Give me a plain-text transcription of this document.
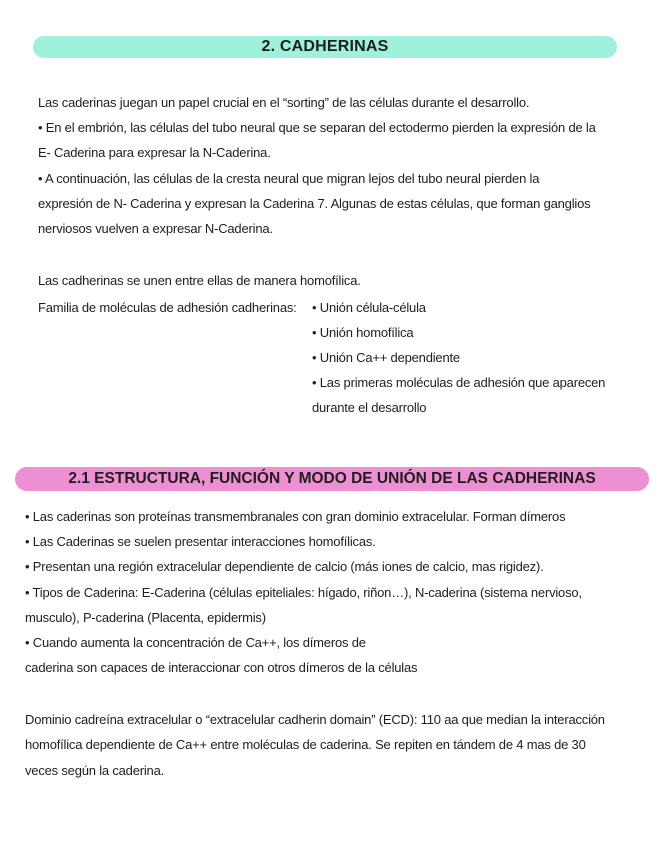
2. CADHERINAS
Las caderinas juegan un papel crucial en el “sorting” de las células durante el desarrollo.
• En el embrión, las células del tubo neural que se separan del ectodermo pierden la expresión de la
E- Caderina para expresar la N-Caderina.
• A continuación, las células de la cresta neural que migran lejos del tubo neural pierden la
expresión de N- Caderina y expresan la Caderina 7. Algunas de estas células, que forman ganglios
nerviosos vuelven a expresar N-Caderina.
Las cadherinas se unen entre ellas de manera homofílica.
Familia de moléculas de adhesión cadherinas: • Unión célula-célula
• Unión homofílica
• Unión Ca++ dependiente
• Las primeras moléculas de adhesión que aparecen
durante el desarrollo
2.1 ESTRUCTURA, FUNCIÓN Y MODO DE UNIÓN DE LAS CADHERINAS
• Las caderinas son proteínas transmembranales con gran dominio extracelular. Forman dímeros
• Las Caderinas se suelen presentar interacciones homofílicas.
• Presentan una región extracelular dependiente de calcio (más iones de calcio, mas rigidez).
• Tipos de Caderina: E-Caderina (células epiteliales: hígado, riñon…), N-caderina (sistema nervioso,
musculo), P-caderina (Placenta, epidermis)
• Cuando aumenta la concentración de Ca++, los dímeros de
caderina son capaces de interaccionar con otros dímeros de la células
Dominio cadreína extracelular o “extracelular cadherin domain” (ECD): 110 aa que median la interacción
homofílica dependiente de Ca++ entre moléculas de caderina. Se repiten en tándem de 4 mas de 30
veces según la caderina.
